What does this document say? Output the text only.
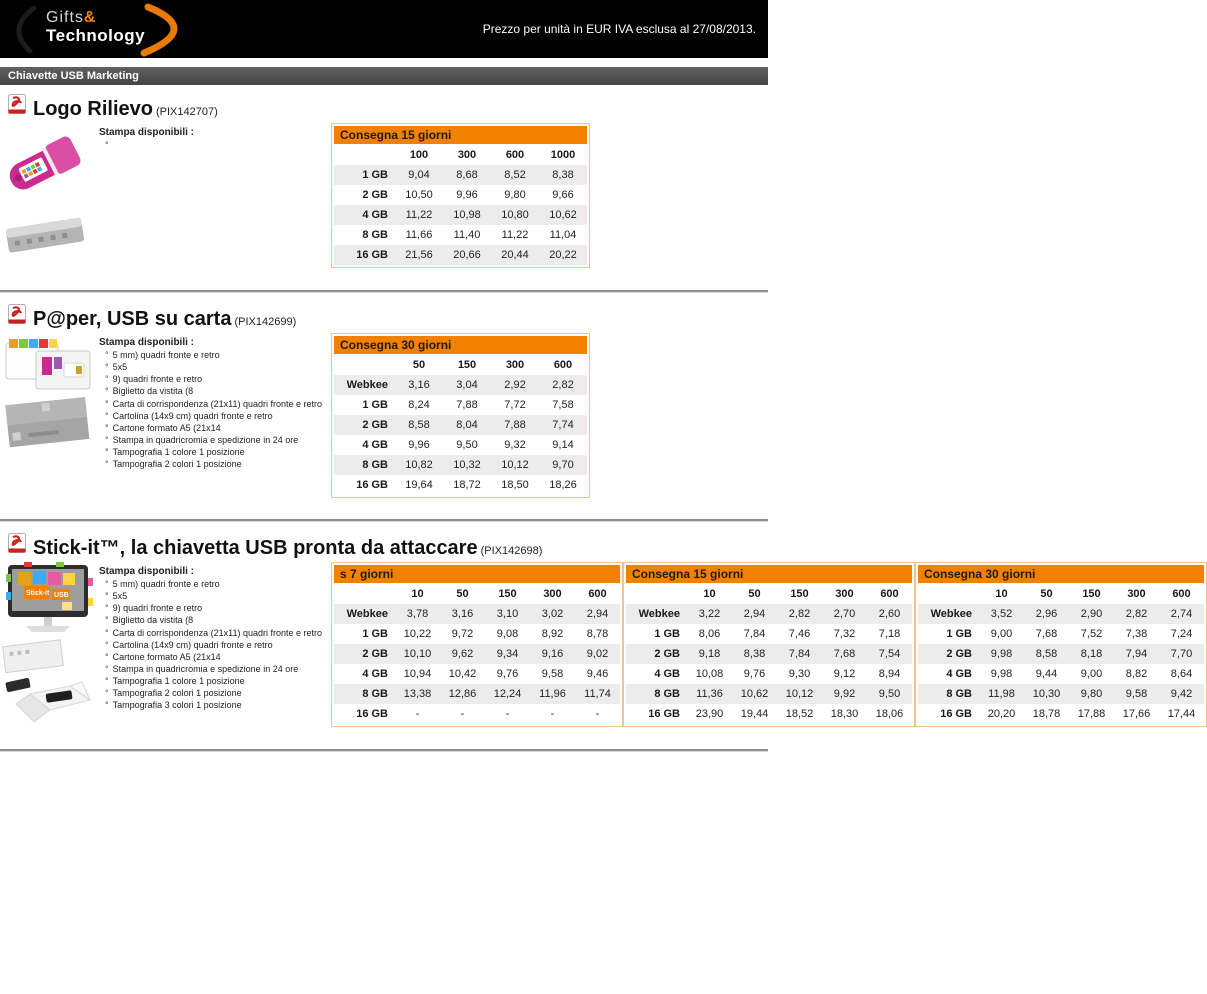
Gifts&
Technology	Prezzo per unità in EUR IVA esclusa al 27/08/2013.
Chiavette USB Marketing
Logo Rilievo (PIX142707)
Stampa disponibili :
°	Consegna 15 giorni
	100	300	600	1000
1 GB	9,04	8,68	8,52	8,38
2 GB	10,50	9,96	9,80	9,66
4 GB	11,22	10,98	10,80	10,62
8 GB	11,66	11,40	11,22	11,04
16 GB	21,56	20,66	20,44	20,22
P@per, USB su carta (PIX142699)
Stampa disponibili :
° 5 mm) quadri fronte e retro
° 5x5
° 9) quadri fronte e retro
° Biglietto da vistita (8
° Carta di corrispondenza (21x11) quadri fronte e retro
° Cartolina (14x9 cm) quadri fronte e retro
° Cartone formato A5 (21x14
° Stampa in quadricromia e spedizione in 24 ore
° Tampografia 1 colore 1 posizione
° Tampografia 2 colori 1 posizione
Consegna 30 giorni
	50	150	300	600
Webkee	3,16	3,04	2,92	2,82
1 GB	8,24	7,88	7,72	7,58
2 GB	8,58	8,04	7,88	7,74
4 GB	9,96	9,50	9,32	9,14
8 GB	10,82	10,32	10,12	9,70
16 GB	19,64	18,72	18,50	18,26
Stick-it™, la chiavetta USB pronta da attaccare (PIX142698)
Stick-it USB
Stampa disponibili :
° 5 mm) quadri fronte e retro
° 5x5
° 9) quadri fronte e retro
° Biglietto da vistita (8
° Carta di corrispondenza (21x11) quadri fronte e retro
° Cartolina (14x9 cm) quadri fronte e retro
° Cartone formato A5 (21x14
° Stampa in quadricromia e spedizione in 24 ore
° Tampografia 1 colore 1 posizione
° Tampografia 2 colori 1 posizione
° Tampografia 3 colori 1 posizione
s 7 giorni
	10	50	150	300	600
Webkee	3,78	3,16	3,10	3,02	2,94
1 GB	10,22	9,72	9,08	8,92	8,78
2 GB	10,10	9,62	9,34	9,16	9,02
4 GB	10,94	10,42	9,76	9,58	9,46
8 GB	13,38	12,86	12,24	11,96	11,74
16 GB	-	-	-	-	-
Consegna 15 giorni
	10	50	150	300	600
Webkee	3,22	2,94	2,82	2,70	2,60
1 GB	8,06	7,84	7,46	7,32	7,18
2 GB	9,18	8,38	7,84	7,68	7,54
4 GB	10,08	9,76	9,30	9,12	8,94
8 GB	11,36	10,62	10,12	9,92	9,50
16 GB	23,90	19,44	18,52	18,30	18,06
Consegna 30 giorni
	10	50	150	300	600
Webkee	3,52	2,96	2,90	2,82	2,74
1 GB	9,00	7,68	7,52	7,38	7,24
2 GB	9,98	8,58	8,18	7,94	7,70
4 GB	9,98	9,44	9,00	8,82	8,64
8 GB	11,98	10,30	9,80	9,58	9,42
16 GB	20,20	18,78	17,88	17,66	17,44
